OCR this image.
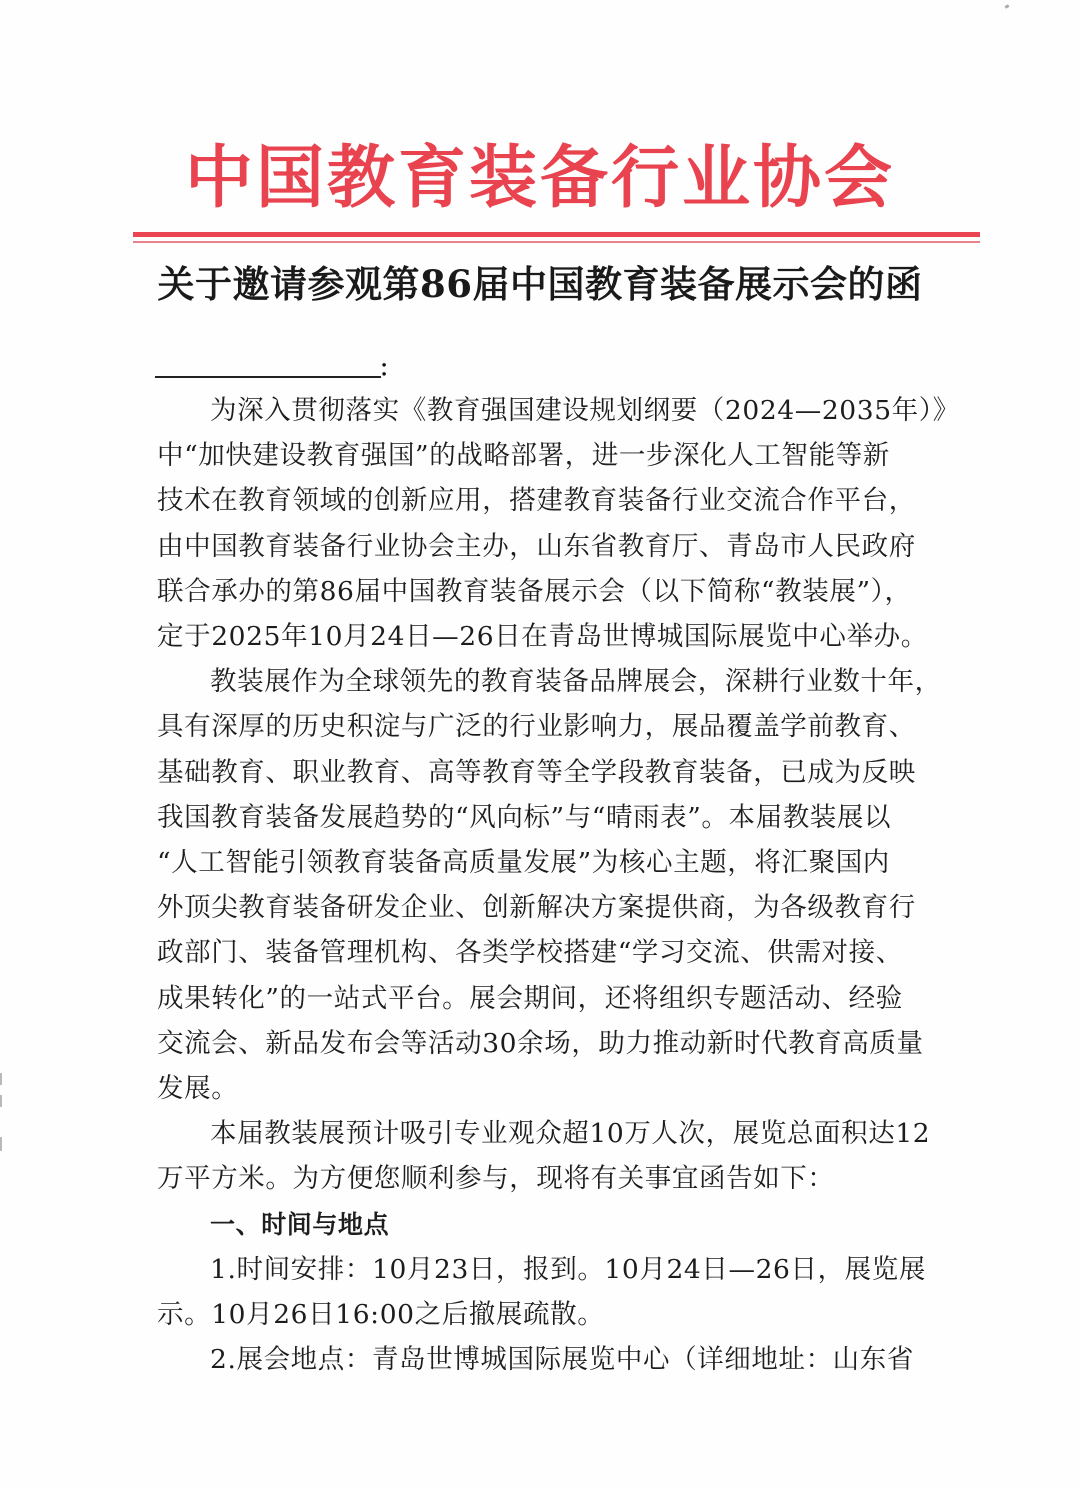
中国教育装备行业协会
关于邀请参观第86届中国教育装备展示会的函
：
为深入贯彻落实《教育强国建设规划纲要（2024—2035年）》
中“加快建设教育强国”的战略部署，进一步深化人工智能等新
技术在教育领域的创新应用，搭建教育装备行业交流合作平台，
由中国教育装备行业协会主办，山东省教育厅、青岛市人民政府
联合承办的第86届中国教育装备展示会（以下简称“教装展”），
定于2025年10月24日—26日在青岛世博城国际展览中心举办。
教装展作为全球领先的教育装备品牌展会，深耕行业数十年，
具有深厚的历史积淀与广泛的行业影响力，展品覆盖学前教育、
基础教育、职业教育、高等教育等全学段教育装备，已成为反映
我国教育装备发展趋势的“风向标”与“晴雨表”。本届教装展以
“人工智能引领教育装备高质量发展”为核心主题，将汇聚国内
外顶尖教育装备研发企业、创新解决方案提供商，为各级教育行
政部门、装备管理机构、各类学校搭建“学习交流、供需对接、
成果转化”的一站式平台。展会期间，还将组织专题活动、经验
交流会、新品发布会等活动30余场，助力推动新时代教育高质量
发展。
本届教装展预计吸引专业观众超10万人次，展览总面积达12
万平方米。为方便您顺利参与，现将有关事宜函告如下：
一、时间与地点
1.时间安排：10月23日，报到。10月24日—26日，展览展
示。10月26日16:00之后撤展疏散。
2.展会地点：青岛世博城国际展览中心（详细地址：山东省
